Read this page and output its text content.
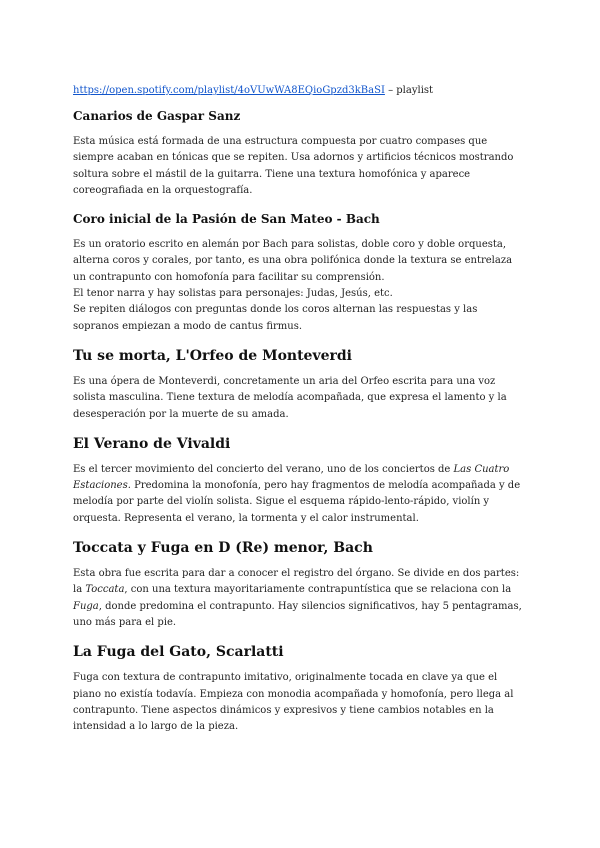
https://open.spotify.com/playlist/4oVUwWA8EQioGpzd3kBaSI – playlist

Canarios de Gaspar Sanz
Esta música está formada de una estructura compuesta por cuatro compases que
siempre acaban en tónicas que se repiten. Usa adornos y artificios técnicos mostrando
soltura sobre el mástil de la guitarra. Tiene una textura homofónica y aparece
coreografiada en la orquestografía.
Coro inicial de la Pasión de San Mateo - Bach
Es un oratorio escrito en alemán por Bach para solistas, doble coro y doble orquesta,
alterna coros y corales, por tanto, es una obra polifónica donde la textura se entrelaza
un contrapunto con homofonía para facilitar su comprensión.
El tenor narra y hay solistas para personajes: Judas, Jesús, etc.
Se repiten diálogos con preguntas donde los coros alternan las respuestas y las
sopranos empiezan a modo de cantus firmus.
Tu se morta, L'Orfeo de Monteverdi
Es una ópera de Monteverdi, concretamente un aria del Orfeo escrita para una voz
solista masculina. Tiene textura de melodía acompañada, que expresa el lamento y la
desesperación por la muerte de su amada.
El Verano de Vivaldi
Es el tercer movimiento del concierto del verano, uno de los conciertos de Las Cuatro
Estaciones. Predomina la monofonía, pero hay fragmentos de melodía acompañada y de
melodía por parte del violín solista. Sigue el esquema rápido-lento-rápido, violín y
orquesta. Representa el verano, la tormenta y el calor instrumental.
Toccata y Fuga en D (Re) menor, Bach
Esta obra fue escrita para dar a conocer el registro del órgano. Se divide en dos partes:
la Toccata, con una textura mayoritariamente contrapuntística que se relaciona con la
Fuga, donde predomina el contrapunto. Hay silencios significativos, hay 5 pentagramas,
uno más para el pie.
La Fuga del Gato, Scarlatti
Fuga con textura de contrapunto imitativo, originalmente tocada en clave ya que el
piano no existía todavía. Empieza con monodia acompañada y homofonía, pero llega al
contrapunto. Tiene aspectos dinámicos y expresivos y tiene cambios notables en la
intensidad a lo largo de la pieza.
